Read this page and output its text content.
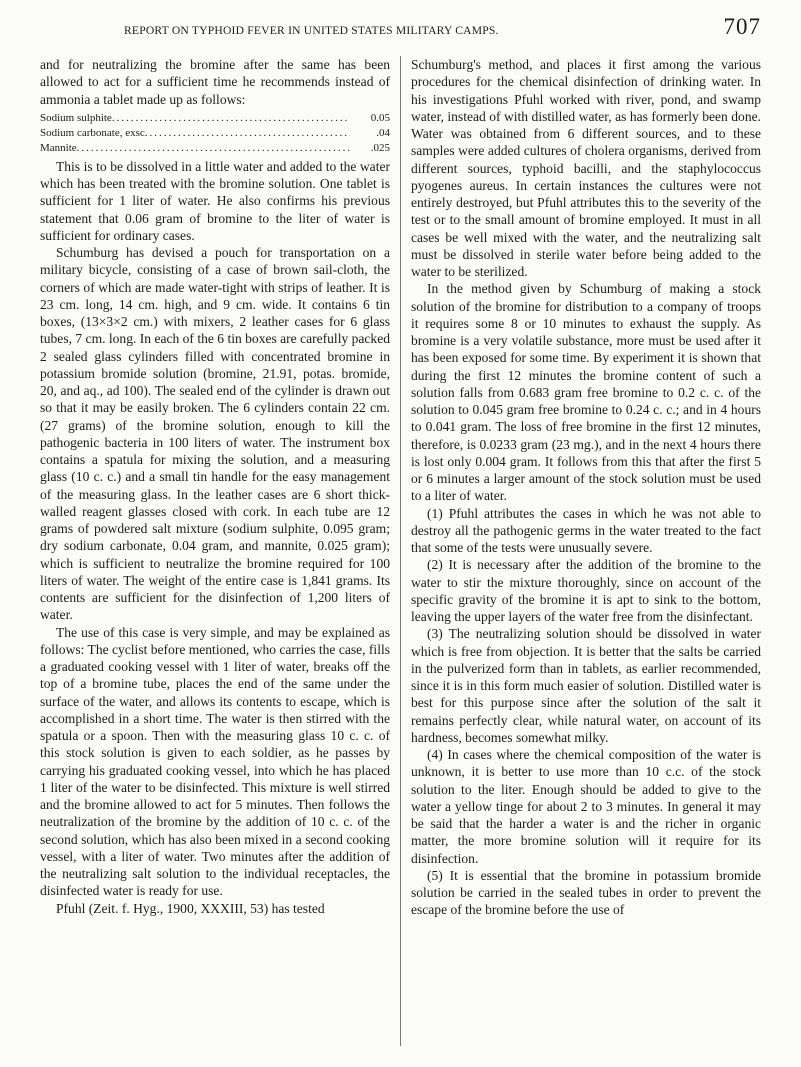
REPORT ON TYPHOID FEVER IN UNITED STATES MILITARY CAMPS.	707

and for neutralizing the bromine after the same has been allowed to act for a sufficient time he recommends instead of ammonia a tablet made up as follows:

Sodium sulphite .....	0.05
Sodium carbonate, exsc .....	.04
Mannite .....	.025

This is to be dissolved in a little water and added to the water which has been treated with the bromine solution. One tablet is sufficient for 1 liter of water. He also confirms his previous statement that 0.06 gram of bromine to the liter of water is sufficient for ordinary cases.

Schumburg has devised a pouch for transportation on a military bicycle, consisting of a case of brown sail-cloth, the corners of which are made water-tight with strips of leather. It is 23 cm. long, 14 cm. high, and 9 cm. wide. It contains 6 tin boxes, (13×3×2 cm.) with mixers, 2 leather cases for 6 glass tubes, 7 cm. long. In each of the 6 tin boxes are carefully packed 2 sealed glass cylinders filled with concentrated bromine in potassium bromide solution (bromine, 21.91, potas. bromide, 20, and aq., ad 100). The sealed end of the cylinder is drawn out so that it may be easily broken. The 6 cylinders contain 22 cm. (27 grams) of the bromine solution, enough to kill the pathogenic bacteria in 100 liters of water. The instrument box contains a spatula for mixing the solution, and a measuring glass (10 c. c.) and a small tin handle for the easy management of the measuring glass. In the leather cases are 6 short thick-walled reagent glasses closed with cork. In each tube are 12 grams of powdered salt mixture (sodium sulphite, 0.095 gram; dry sodium carbonate, 0.04 gram, and mannite, 0.025 gram); which is sufficient to neutralize the bromine required for 100 liters of water. The weight of the entire case is 1,841 grams. Its contents are sufficient for the disinfection of 1,200 liters of water.

The use of this case is very simple, and may be explained as follows: The cyclist before mentioned, who carries the case, fills a graduated cooking vessel with 1 liter of water, breaks off the top of a bromine tube, places the end of the same under the surface of the water, and allows its contents to escape, which is accomplished in a short time. The water is then stirred with the spatula or a spoon. Then with the measuring glass 10 c. c. of this stock solution is given to each soldier, as he passes by carrying his graduated cooking vessel, into which he has placed 1 liter of the water to be disinfected. This mixture is well stirred and the bromine allowed to act for 5 minutes. Then follows the neutralization of the bromine by the addition of 10 c. c. of the second solution, which has also been mixed in a second cooking vessel, with a liter of water. Two minutes after the addition of the neutralizing salt solution to the individual receptacles, the disinfected water is ready for use.

Pfuhl (Zeit. f. Hyg., 1900, XXXIII, 53) has tested

Schumburg's method, and places it first among the various procedures for the chemical disinfection of drinking water. In his investigations Pfuhl worked with river, pond, and swamp water, instead of with distilled water, as has formerly been done. Water was obtained from 6 different sources, and to these samples were added cultures of cholera organisms, derived from different sources, typhoid bacilli, and the staphylococcus pyogenes aureus. In certain instances the cultures were not entirely destroyed, but Pfuhl attributes this to the severity of the test or to the small amount of bromine employed. It must in all cases be well mixed with the water, and the neutralizing salt must be dissolved in sterile water before being added to the water to be sterilized.

In the method given by Schumburg of making a stock solution of the bromine for distribution to a company of troops it requires some 8 or 10 minutes to exhaust the supply. As bromine is a very volatile substance, more must be used after it has been exposed for some time. By experiment it is shown that during the first 12 minutes the bromine content of such a solution falls from 0.683 gram free bromine to 0.2 c. c. of the solution to 0.045 gram free bromine to 0.24 c. c.; and in 4 hours to 0.041 gram. The loss of free bromine in the first 12 minutes, therefore, is 0.0233 gram (23 mg.), and in the next 4 hours there is lost only 0.004 gram. It follows from this that after the first 5 or 6 minutes a larger amount of the stock solution must be used to a liter of water.

(1) Pfuhl attributes the cases in which he was not able to destroy all the pathogenic germs in the water treated to the fact that some of the tests were unusually severe.

(2) It is necessary after the addition of the bromine to the water to stir the mixture thoroughly, since on account of the specific gravity of the bromine it is apt to sink to the bottom, leaving the upper layers of the water free from the disinfectant.

(3) The neutralizing solution should be dissolved in water which is free from objection. It is better that the salts be carried in the pulverized form than in tablets, as earlier recommended, since it is in this form much easier of solution. Distilled water is best for this purpose since after the solution of the salt it remains perfectly clear, while natural water, on account of its hardness, becomes somewhat milky.

(4) In cases where the chemical composition of the water is unknown, it is better to use more than 10 c.c. of the stock solution to the liter. Enough should be added to give to the water a yellow tinge for about 2 to 3 minutes. In general it may be said that the harder a water is and the richer in organic matter, the more bromine solution will it require for its disinfection.

(5) It is essential that the bromine in potassium bromide solution be carried in the sealed tubes in order to prevent the escape of the bromine before the use of
